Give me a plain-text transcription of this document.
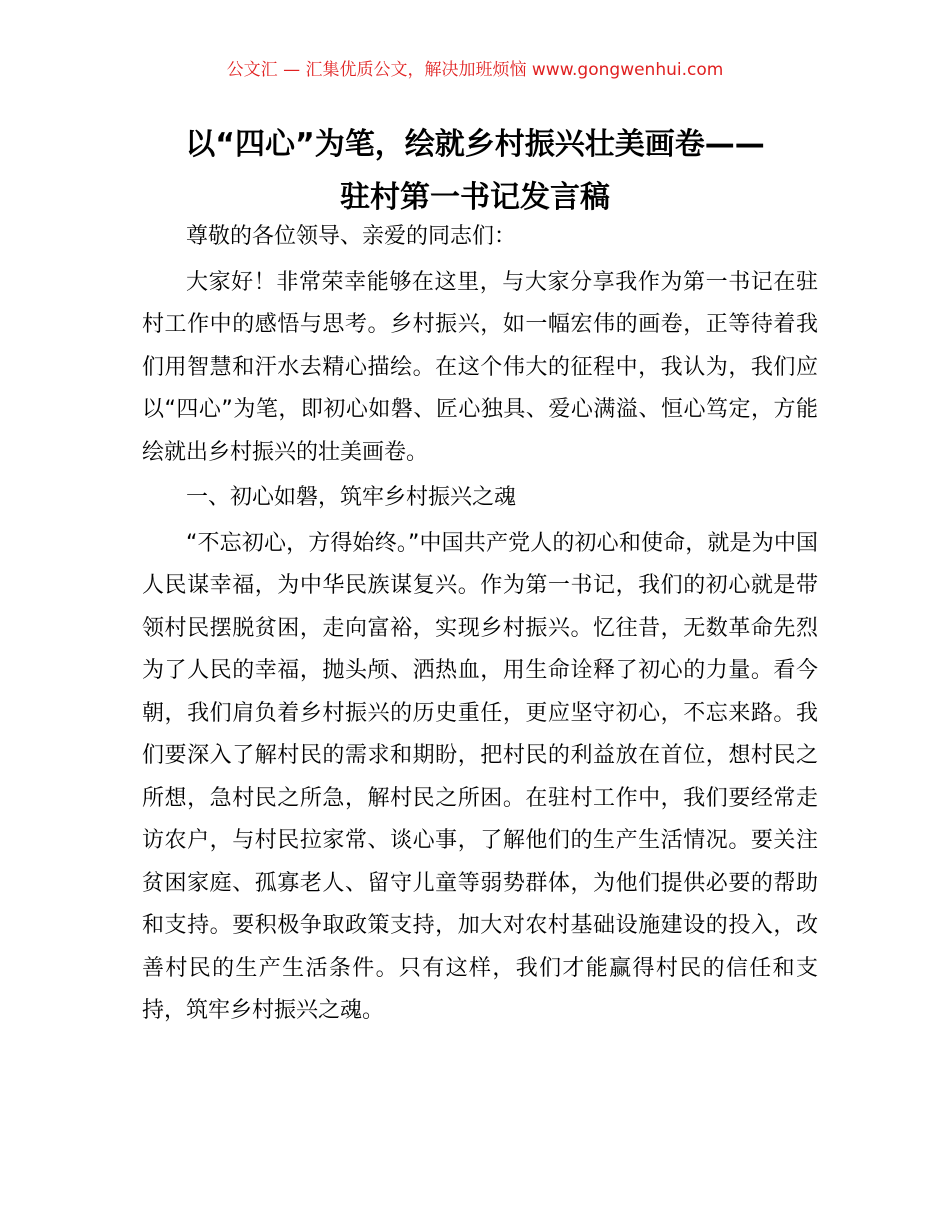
公文汇 — 汇集优质公文，解决加班烦恼 www.gongwenhui.com
以“四心”为笔，绘就乡村振兴壮美画卷——
驻村第一书记发言稿

尊敬的各位领导、亲爱的同志们：

大家好！非常荣幸能够在这里，与大家分享我作为第一书记在驻村工作中的感悟与思考。乡村振兴，如一幅宏伟的画卷，正等待着我们用智慧和汗水去精心描绘。在这个伟大的征程中，我认为，我们应以“四心”为笔，即初心如磐、匠心独具、爱心满溢、恒心笃定，方能绘就出乡村振兴的壮美画卷。

一、初心如磐，筑牢乡村振兴之魂

“不忘初心，方得始终。”中国共产党人的初心和使命，就是为中国人民谋幸福，为中华民族谋复兴。作为第一书记，我们的初心就是带领村民摆脱贫困，走向富裕，实现乡村振兴。忆往昔，无数革命先烈为了人民的幸福，抛头颅、洒热血，用生命诠释了初心的力量。看今朝，我们肩负着乡村振兴的历史重任，更应坚守初心，不忘来路。我们要深入了解村民的需求和期盼，把村民的利益放在首位，想村民之所想，急村民之所急，解村民之所困。在驻村工作中，我们要经常走访农户，与村民拉家常、谈心事，了解他们的生产生活情况。要关注贫困家庭、孤寡老人、留守儿童等弱势群体，为他们提供必要的帮助和支持。要积极争取政策支持，加大对农村基础设施建设的投入，改善村民的生产生活条件。只有这样，我们才能赢得村民的信任和支持，筑牢乡村振兴之魂。
